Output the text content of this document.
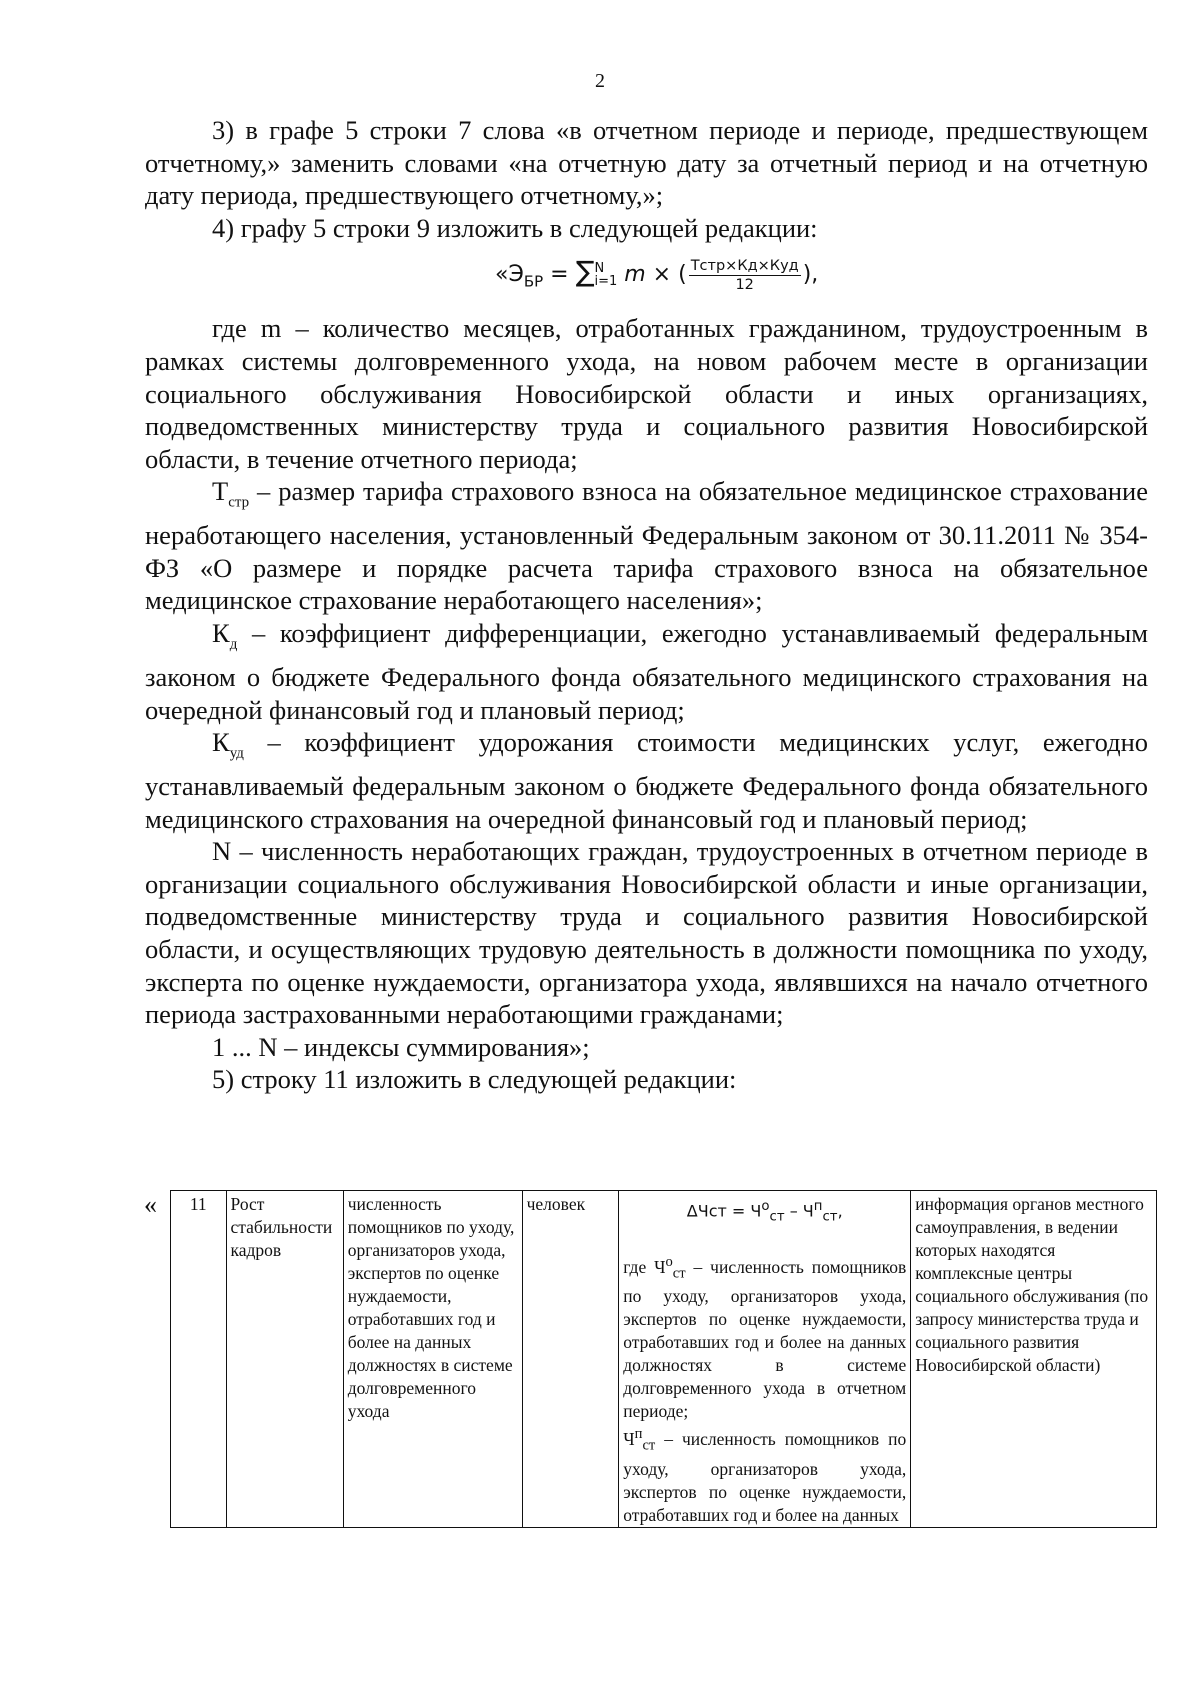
2

3) в графе 5 строки 7 слова «в отчетном периоде и периоде, предшествующем отчетному,» заменить словами «на отчетную дату за отчетный период и на отчетную дату периода, предшествующего отчетному,»;

4) графу 5 строки 9 изложить в следующей редакции:

«$Э_{БР} = \sum N$
i=1 m × ( $\frac{\text{Тстр×Кд×Куд}}{12}$ ),

где m – количество месяцев, отработанных гражданином, трудоустроенным в рамках системы долговременного ухода, на новом рабочем месте в организации социального обслуживания Новосибирской области и иных организациях, подведомственных министерству труда и социального развития Новосибирской области, в течение отчетного периода;

$Т_{стр}$ – размер тарифа страхового взноса на обязательное медицинское страхование неработающего населения, установленный Федеральным законом от 30.11.2011 № 354-ФЗ «О размере и порядке расчета тарифа страхового взноса на обязательное медицинское страхование неработающего населения»;

$К_д$ – коэффициент дифференциации, ежегодно устанавливаемый федеральным законом о бюджете Федерального фонда обязательного медицинского страхования на очередной финансовый год и плановый период;

$К_{уд}$ – коэффициент удорожания стоимости медицинских услуг, ежегодно устанавливаемый федеральным законом о бюджете Федерального фонда обязательного медицинского страхования на очередной финансовый год и плановый период;

N – численность неработающих граждан, трудоустроенных в отчетном периоде в организации социального обслуживания Новосибирской области и иные организации, подведомственные министерству труда и социального развития Новосибирской области, и осуществляющих трудовую деятельность в должности помощника по уходу, эксперта по оценке нуждаемости, организатора ухода, являвшихся на начало отчетного периода застрахованными неработающими гражданами;

1 ... N – индексы суммирования»;

5) строку 11 изложить в следующей редакции:

« 11	Рост стабильности кадров	численность помощников по уходу, организаторов ухода, экспертов по оценке нуждаемости, отработавших год и более на данных должностях в системе долговременного ухода	человек	$\Delta Чст = Ч^о_{ст} - Ч^п_{ст}$,
где $Ч^о_{ст}$ – численность помощников по уходу, организаторов ухода, экспертов по оценке нуждаемости, отработавших год и более на данных должностях в системе долговременного ухода в отчетном периоде;
$Ч^п_{ст}$ – численность помощников по уходу, организаторов ухода, экспертов по оценке нуждаемости, отработавших год и более на данных
	информация органов местного самоуправления, в ведении которых находятся комплексные центры социального обслуживания (по запросу министерства труда и социального развития Новосибирской области)
